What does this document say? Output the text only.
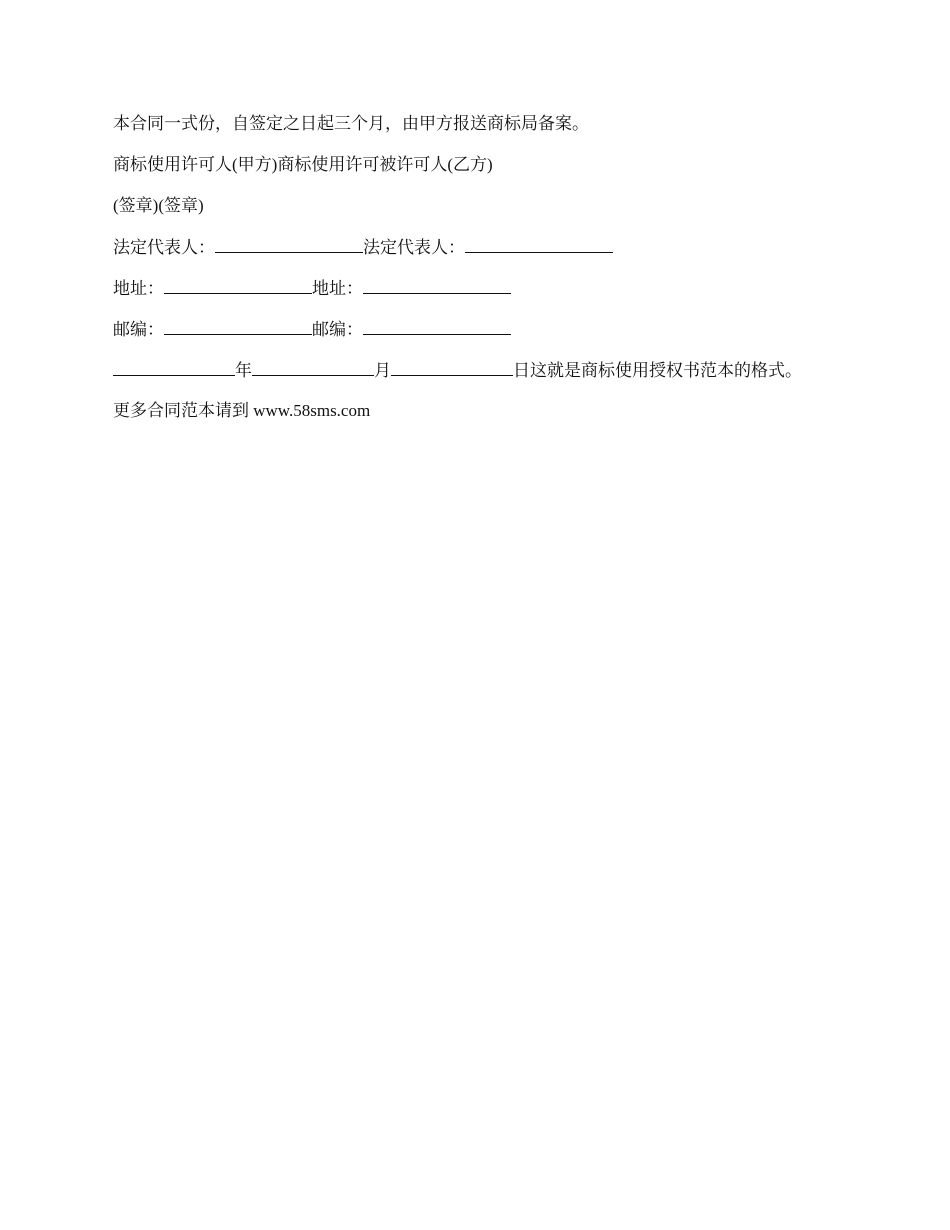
本合同一式份，自签定之日起三个月，由甲方报送商标局备案。
商标使用许可人(甲方)商标使用许可被许可人(乙方)
(签章)(签章)
法定代表人：	法定代表人：
地址：	地址：
邮编：	邮编：
年	月	日这就是商标使用授权书范本的格式。
更多合同范本请到 www.58sms.com
